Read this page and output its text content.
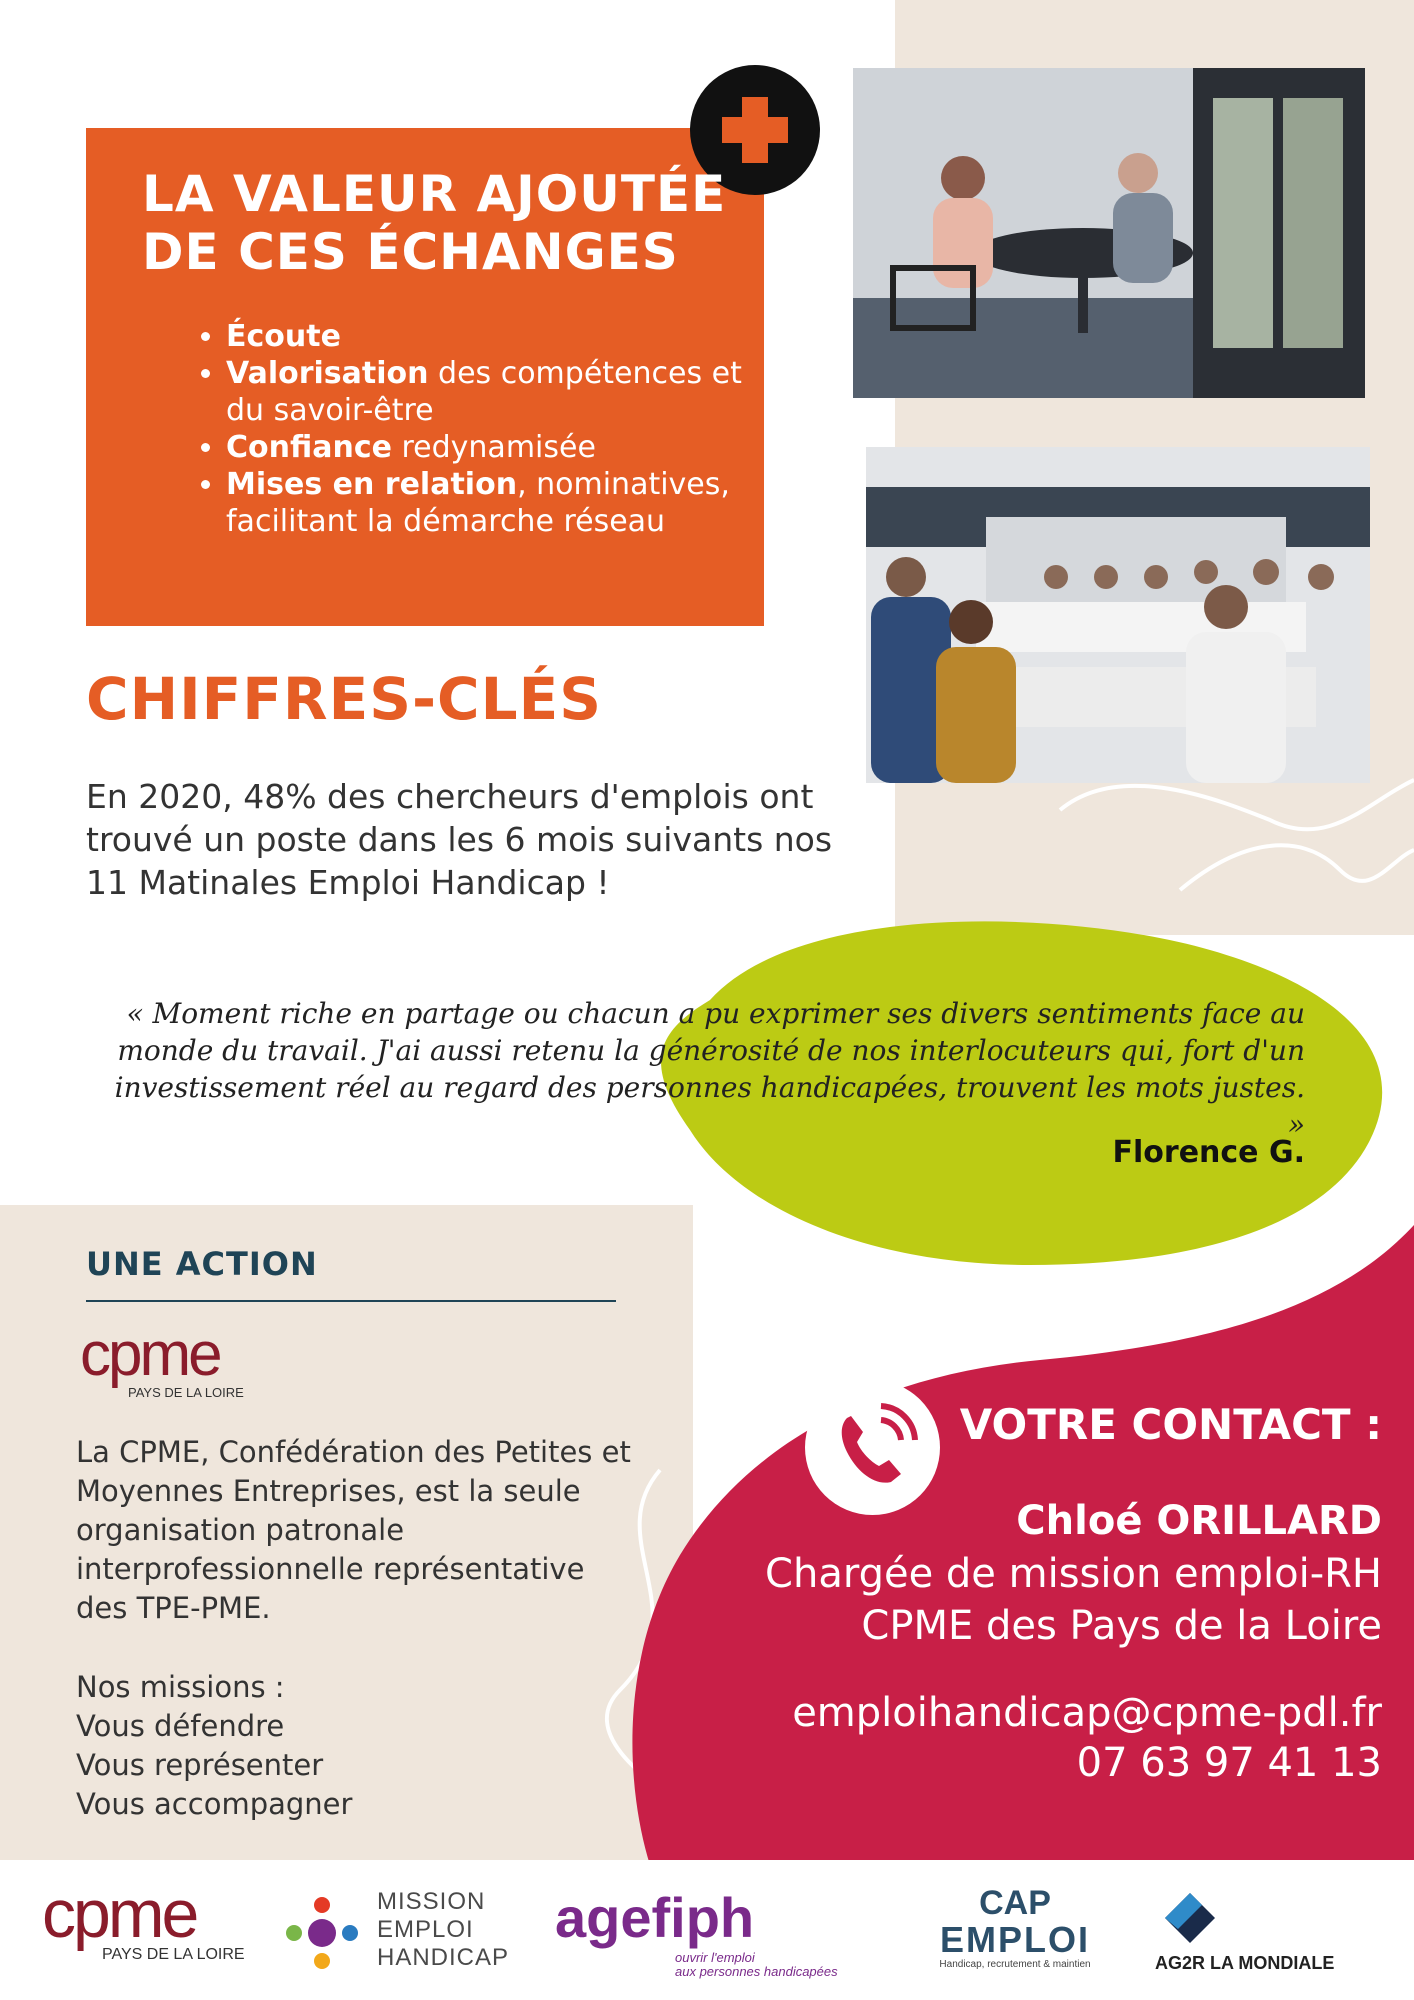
LA VALEUR AJOUTÉE
DE CES ÉCHANGES
• Écoute
• Valorisation des compétences et du savoir-être
• Confiance redynamisée
• Mises en relation, nominatives, facilitant la démarche réseau
CHIFFRES-CLÉS

En 2020, 48% des chercheurs d'emplois ont trouvé un poste dans les 6 mois suivants nos 11 Matinales Emploi Handicap !

« Moment riche en partage ou chacun a pu exprimer ses divers sentiments face au monde du travail. J'ai aussi retenu la générosité de nos interlocuteurs qui, fort d'un investissement réel au regard des personnes handicapées, trouvent les mots justes. »

Florence G.

UNE ACTION
cpme
PAYS DE LA LOIRE

La CPME, Confédération des Petites et Moyennes Entreprises, est la seule organisation patronale interprofessionnelle représentative des TPE-PME.

Nos missions :
Vous défendre
Vous représenter
Vous accompagner
VOTRE CONTACT :

Chloé ORILLARD

Chargée de mission emploi-RH
CPME des Pays de la Loire

emploihandicap@cpme-pdl.fr

07 63 97 41 13

cpme
PAYS DE LA LOIRE
MISSION
EMPLOI
HANDICAP
agefiph
ouvrir l'emploi
aux personnes handicapées
CAP
EMPLOI
Handicap, recrutement & maintien	AG2R LA MONDIALE
